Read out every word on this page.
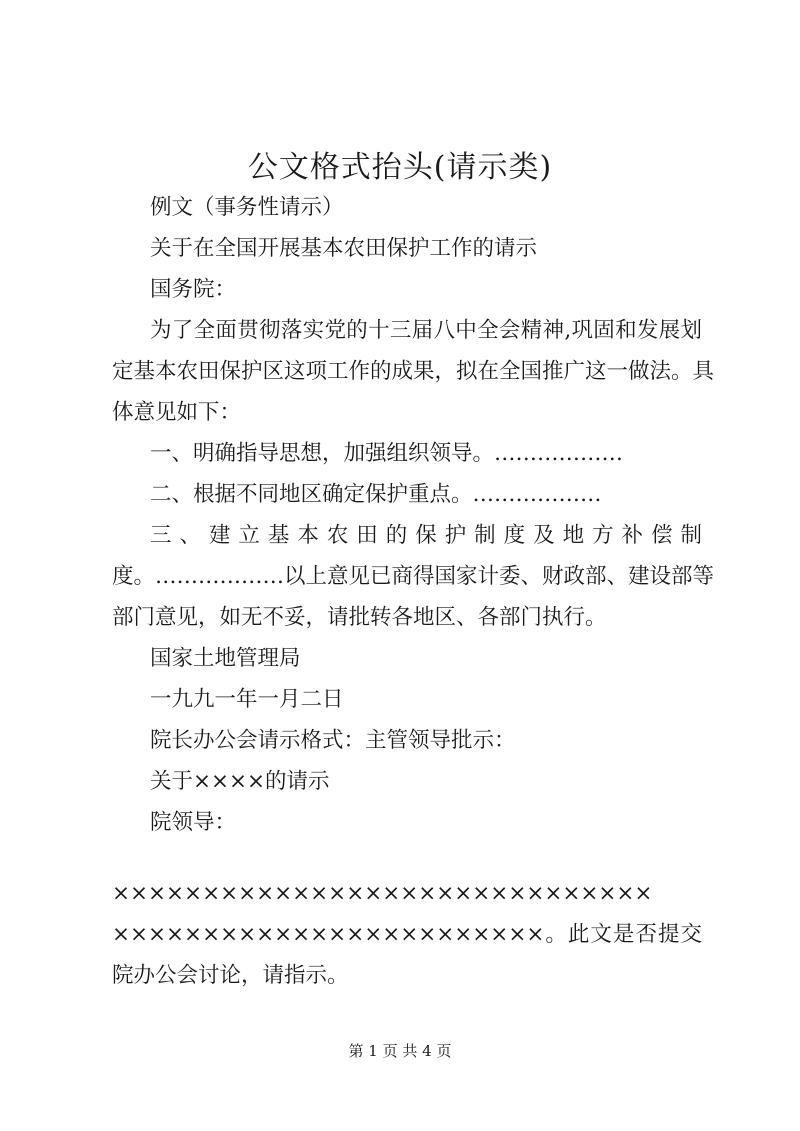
公文格式抬头(请示类)
例文（事务性请示）
关于在全国开展基本农田保护工作的请示
国务院：
为了全面贯彻落实党的十三届八中全会精神,巩固和发展划
定基本农田保护区这项工作的成果，拟在全国推广这一做法。具
体意见如下：
一、明确指导思想，加强组织领导。………………
二、根据不同地区确定保护重点。………………
三、建立基本农田的保护制度及地方补偿制
度。………………以上意见已商得国家计委、财政部、建设部等
部门意见，如无不妥，请批转各地区、各部门执行。
国家土地管理局
一九九一年一月二日
院长办公会请示格式：主管领导批示：
关于××××的请示
院领导：
××××××××××××××××××××××××××××××
××××××××××××××××××××××××。此文是否提交
院办公会讨论，请指示。
第 1 页 共 4 页
